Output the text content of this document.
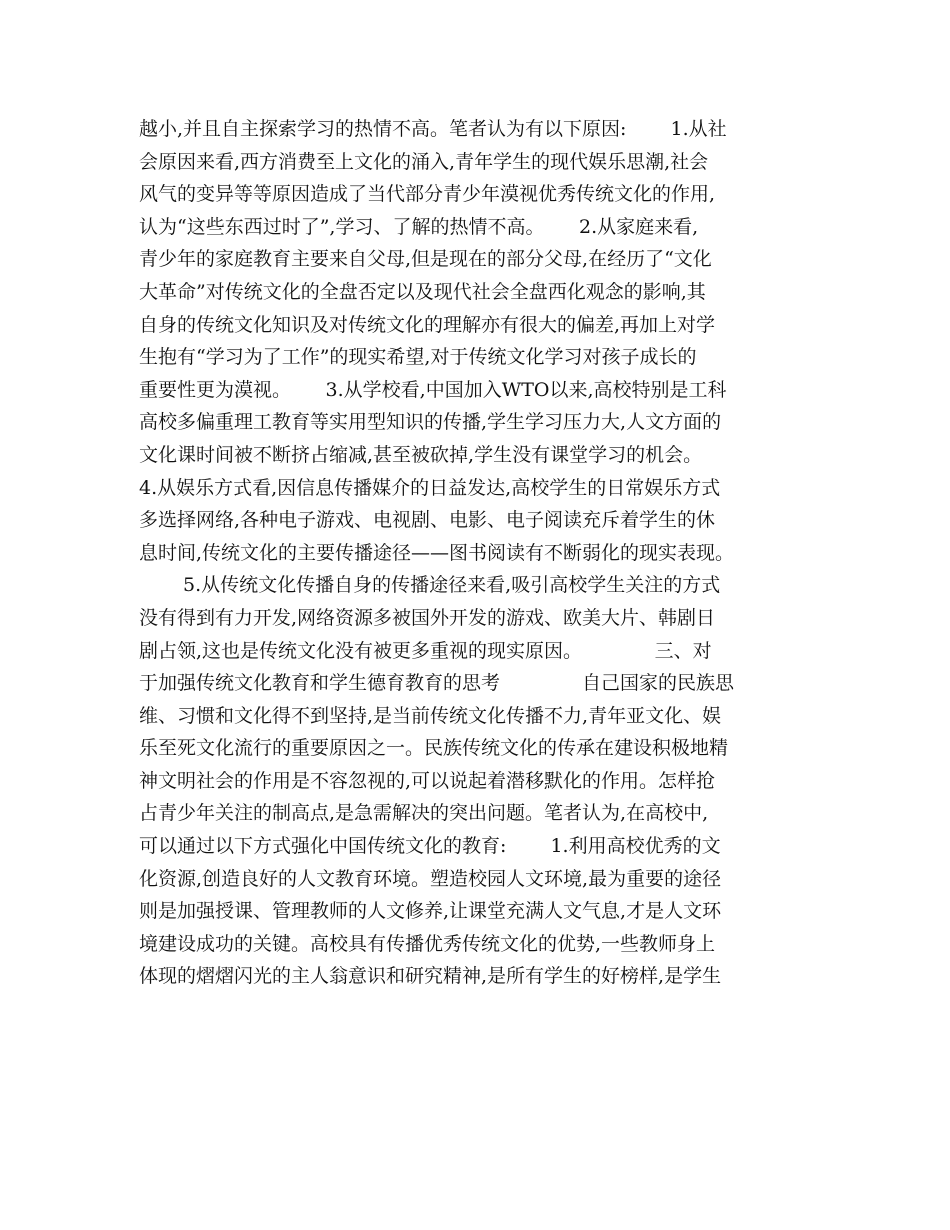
越小,并且自主探索学习的热情不高。笔者认为有以下原因:　　 1.从社
会原因来看,西方消费至上文化的涌入,青年学生的现代娱乐思潮,社会
风气的变异等等原因造成了当代部分青少年漠视优秀传统文化的作用,
认为“这些东西过时了”,学习、了解的热情不高。　　 2.从家庭来看,
青少年的家庭教育主要来自父母,但是现在的部分父母,在经历了“文化
大革命”对传统文化的全盘否定以及现代社会全盘西化观念的影响,其
自身的传统文化知识及对传统文化的理解亦有很大的偏差,再加上对学
生抱有“学习为了工作”的现实希望,对于传统文化学习对孩子成长的
重要性更为漠视。　　 3.从学校看,中国加入WTO以来,高校特别是工科
高校多偏重理工教育等实用型知识的传播,学生学习压力大,人文方面的
文化课时间被不断挤占缩减,甚至被砍掉,学生没有课堂学习的机会。
4.从娱乐方式看,因信息传播媒介的日益发达,高校学生的日常娱乐方式
多选择网络,各种电子游戏、电视剧、电影、电子阅读充斥着学生的休
息时间,传统文化的主要传播途径——图书阅读有不断弱化的现实表现。
　　 5.从传统文化传播自身的传播途径来看,吸引高校学生关注的方式
没有得到有力开发,网络资源多被国外开发的游戏、欧美大片、韩剧日
剧占领,这也是传统文化没有被更多重视的现实原因。　　　　 三、对
于加强传统文化教育和学生德育教育的思考　　　　 自己国家的民族思
维、习惯和文化得不到坚持,是当前传统文化传播不力,青年亚文化、娱
乐至死文化流行的重要原因之一。民族传统文化的传承在建设积极地精
神文明社会的作用是不容忽视的,可以说起着潜移默化的作用。怎样抢
占青少年关注的制高点,是急需解决的突出问题。笔者认为,在高校中,
可以通过以下方式强化中国传统文化的教育:　　 1.利用高校优秀的文
化资源,创造良好的人文教育环境。塑造校园人文环境,最为重要的途径
则是加强授课、管理教师的人文修养,让课堂充满人文气息,才是人文环
境建设成功的关键。高校具有传播优秀传统文化的优势,一些教师身上
体现的熠熠闪光的主人翁意识和研究精神,是所有学生的好榜样,是学生
